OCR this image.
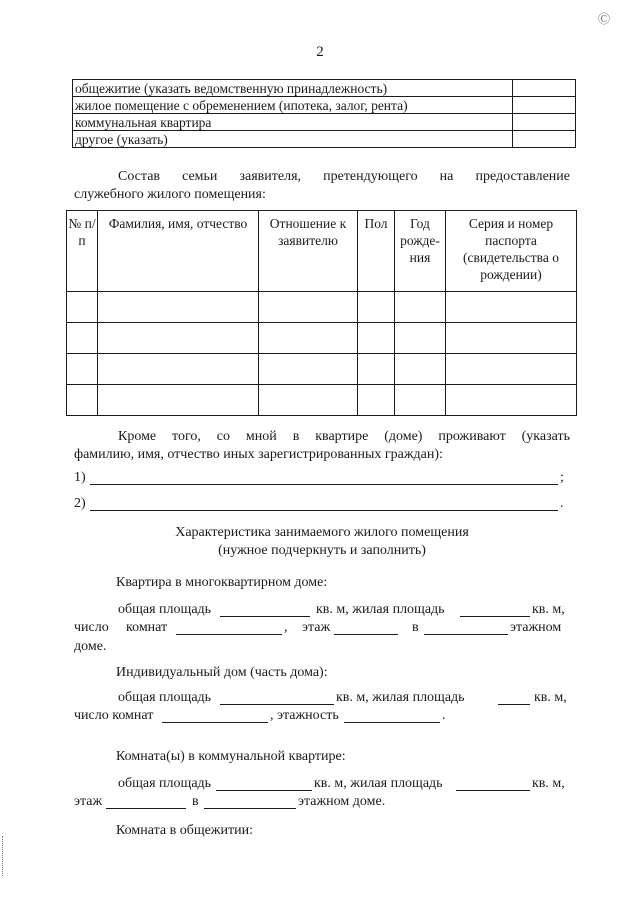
Ⓒ
2
общежитие (указать ведомственную принадлежность)	
жилое помещение с обременением (ипотека, залог, рента)	
коммунальная квартира	
другое (указать)	
Состав семьи заявителя, претендующего на предоставление
служебного жилого помещения:
№ п/п	Фамилия, имя, отчество	Отношение к заявителю	Пол	Год рожде-ния	Серия и номер паспорта (свидетельства о рождении)

Кроме того, со мной в квартире (доме) проживают (указать
фамилию, имя, отчество иных зарегистрированных граждан):
1)	;
2)	.
Характеристика занимаемого жилого помещения
(нужное подчеркнуть и заполнить)
Квартира в многоквартирном доме:
общая площадь	кв. м, жилая площадь	кв. м,
число комнат	, этаж	в	этажном
доме.
Индивидуальный дом (часть дома):
общая площадь	кв. м, жилая площадь	кв. м,
число комнат	, этажность	.
Комната(ы) в коммунальной квартире:
общая площадь	кв. м, жилая площадь	кв. м,
этаж	в	этажном доме.
Комната в общежитии:
